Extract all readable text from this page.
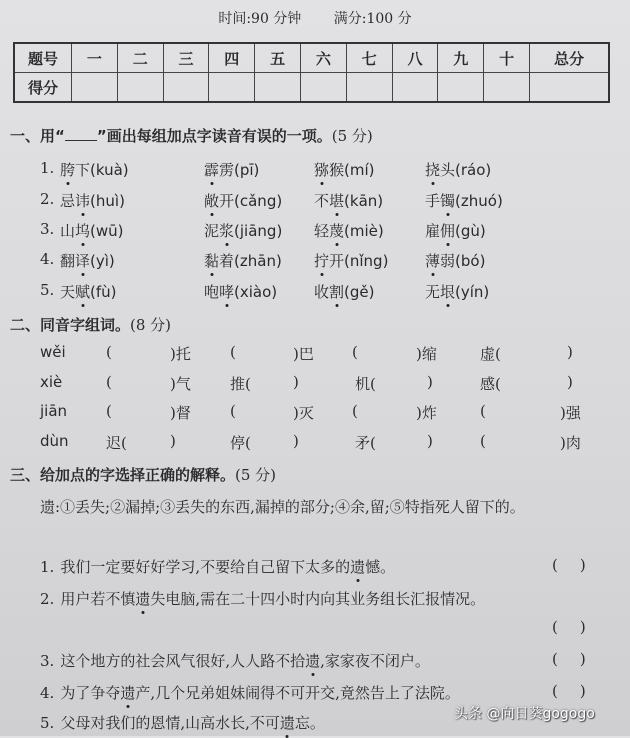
时间:90 分钟 满分:100 分
题号	一	二	三	四	五	六	七	八	九	十	总分
得分											
一、用“ ”画出每组加点字读音有误的一项。(5 分)
1. 胯下(kuà)	霹雳(pī)	猕猴(mí)	挠头(ráo)
2. 忌讳(huì)	敞开(cǎng) 不堪(kān)	手镯(zhuó)
3. 山坞(wū)	泥浆(jiāng) 轻蔑(miè)	雇佣(gù)
4. 翻译(yì)	黏着(zhān) 拧开(nǐng) 薄弱(bó)
5. 天赋(fù)	咆哮(xiào) 收割(gě)	无垠(yín)
二、同音字组词。(8 分)
wěi	(	)托	(	)巴	(	)缩	虚(	)
xiè	(	)气	推(	)	机(	)	感(	)
jiān	(	)督	(	)灭	(	)炸	(	)强
dùn 迟(	)	停(	)	矛(	)	(	)肉
三、给加点的字选择正确的解释。(5 分)
遗:①丢失;②漏掉;③丢失的东西,漏掉的部分;④余,留;⑤特指死人留下的。
1. 我们一定要好好学习,不要给自己留下太多的遗憾。	()
2. 用户若不慎遗失电脑,需在二十四小时内向其业务组长汇报情况。
()
3. 这个地方的社会风气很好,人人路不拾遗,家家夜不闭户。	()
4. 为了争夺遗产,几个兄弟姐妹闹得不可开交,竟然告上了法院。	()
5. 父母对我们的恩情,山高水长,不可遗忘。	头条 @向日葵gogogo
